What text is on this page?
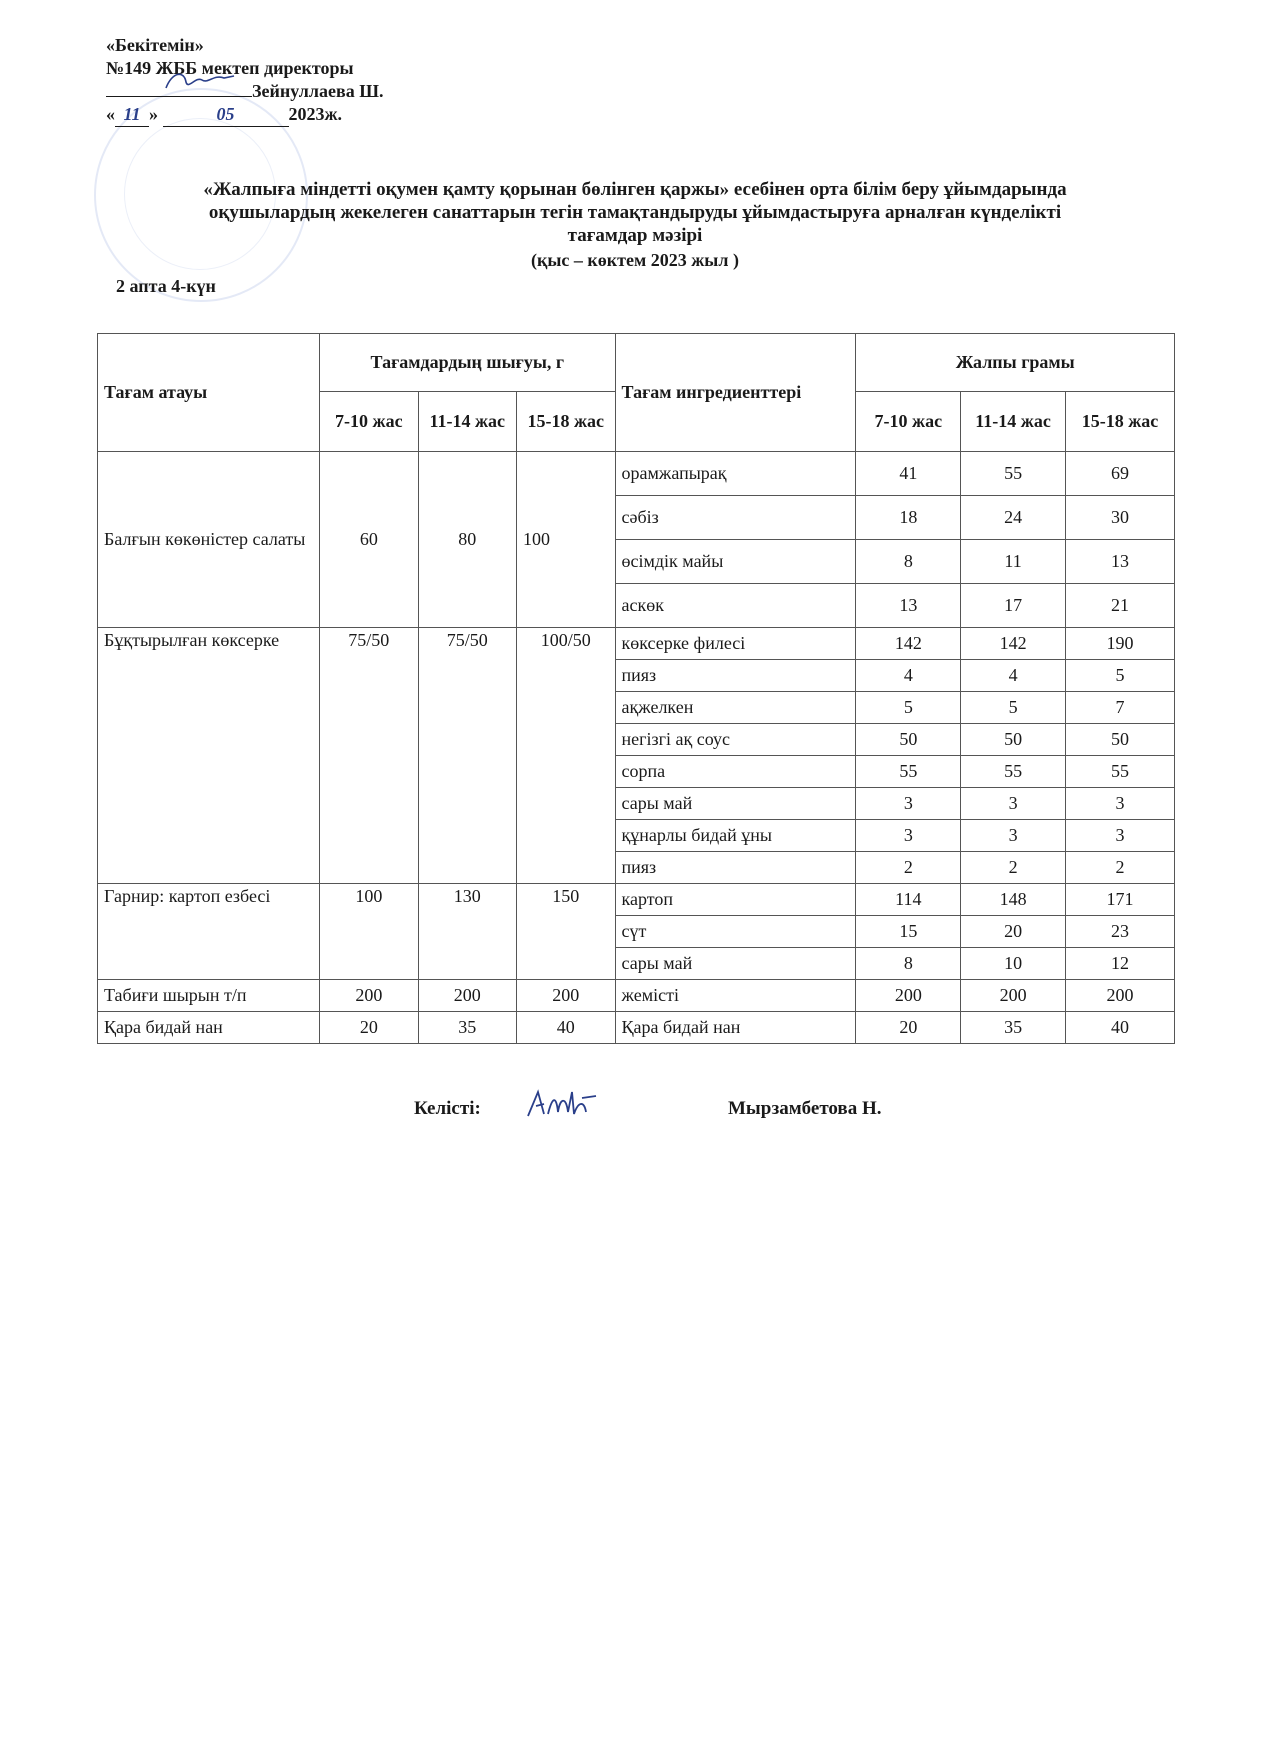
«Бекітемін»
№149 ЖББ мектеп директоры
Зейнуллаева Ш.
« 11 »	05	2023ж.
«Жалпыға міндетті оқумен қамту қорынан бөлінген қаржы» есебінен орта білім беру ұйымдарында
оқушылардың жекелеген санаттарын тегін тамақтандыруды ұйымдастыруға арналған күнделікті
тағамдар мәзірі
(қыс – көктем 2023 жыл )
2 апта 4-күн
Тағам атауы	Тағамдардың шығуы, г			Тағам ингредиенттері	Жалпы грамы		
	7-10 жас	11-14 жас	15-18 жас		7-10 жас	11-14 жас	15-18 жас
Балғын көкөністер салаты	60	80	100	орамжапырақ	41	55	69
				сәбіз	18	24	30
				өсімдік майы	8	11	13
				аскөк	13	17	21
Бұқтырылған көксерке	75/50	75/50	100/50	көксерке филесі	142	142	190
				пияз	4	4	5
				ақжелкен	5	5	7
				негізгі ақ соус	50	50	50
				сорпа	55	55	55
				сары май	3	3	3
				құнарлы бидай ұны	3	3	3
				пияз	2	2	2
Гарнир: картоп езбесі	100	130	150	картоп	114	148	171
				сүт	15	20	23
				сары май	8	10	12
Табиғи шырын т/п	200	200	200	жемісті	200	200	200
Қара бидай нан	20	35	40	Қара бидай нан	20	35	40
Келісті:	Мырзамбетова Н.
